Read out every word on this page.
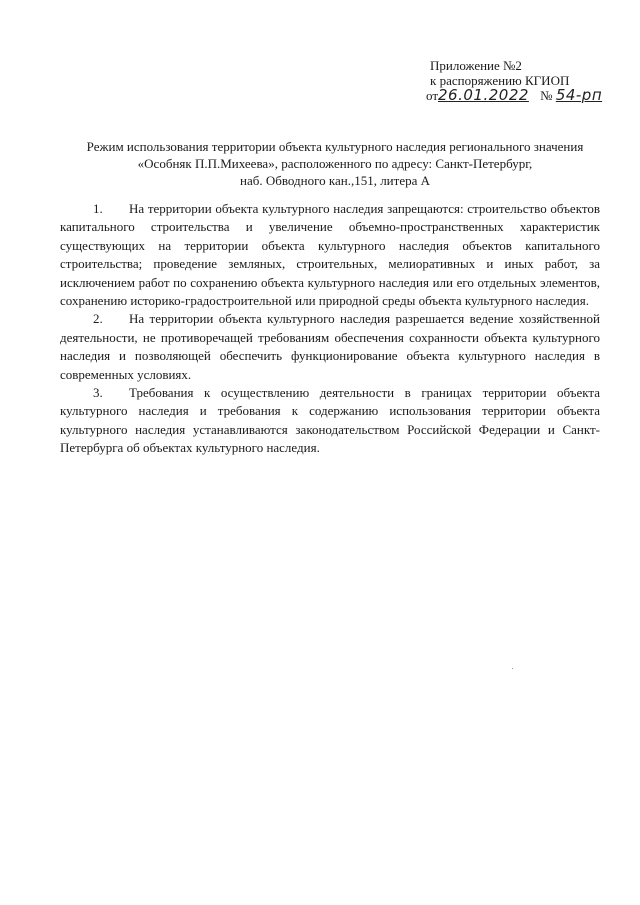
Приложение №2
к распоряжению КГИОП
от26.01.2022 № 54-рп
Режим использования территории объекта культурного наследия регионального значения
«Особняк П.П.Михеева», расположенного по адресу: Санкт-Петербург,
наб. Обводного кан.,151, литера А

1. На территории объекта культурного наследия запрещаются: строительство объектов капитального строительства и увеличение объемно-пространственных характеристик существующих на территории объекта культурного наследия объектов капитального строительства; проведение земляных, строительных, мелиоративных и иных работ, за исключением работ по сохранению объекта культурного наследия или его отдельных элементов, сохранению историко-градостроительной или природной среды объекта культурного наследия.

2. На территории объекта культурного наследия разрешается ведение хозяйственной деятельности, не противоречащей требованиям обеспечения сохранности объекта культурного наследия и позволяющей обеспечить функционирование объекта культурного наследия в современных условиях.

3. Требования к осуществлению деятельности в границах территории объекта культурного наследия и требования к содержанию использования территории объекта культурного наследия устанавливаются законодательством Российской Федерации и Санкт-Петербурга об объектах культурного наследия.
